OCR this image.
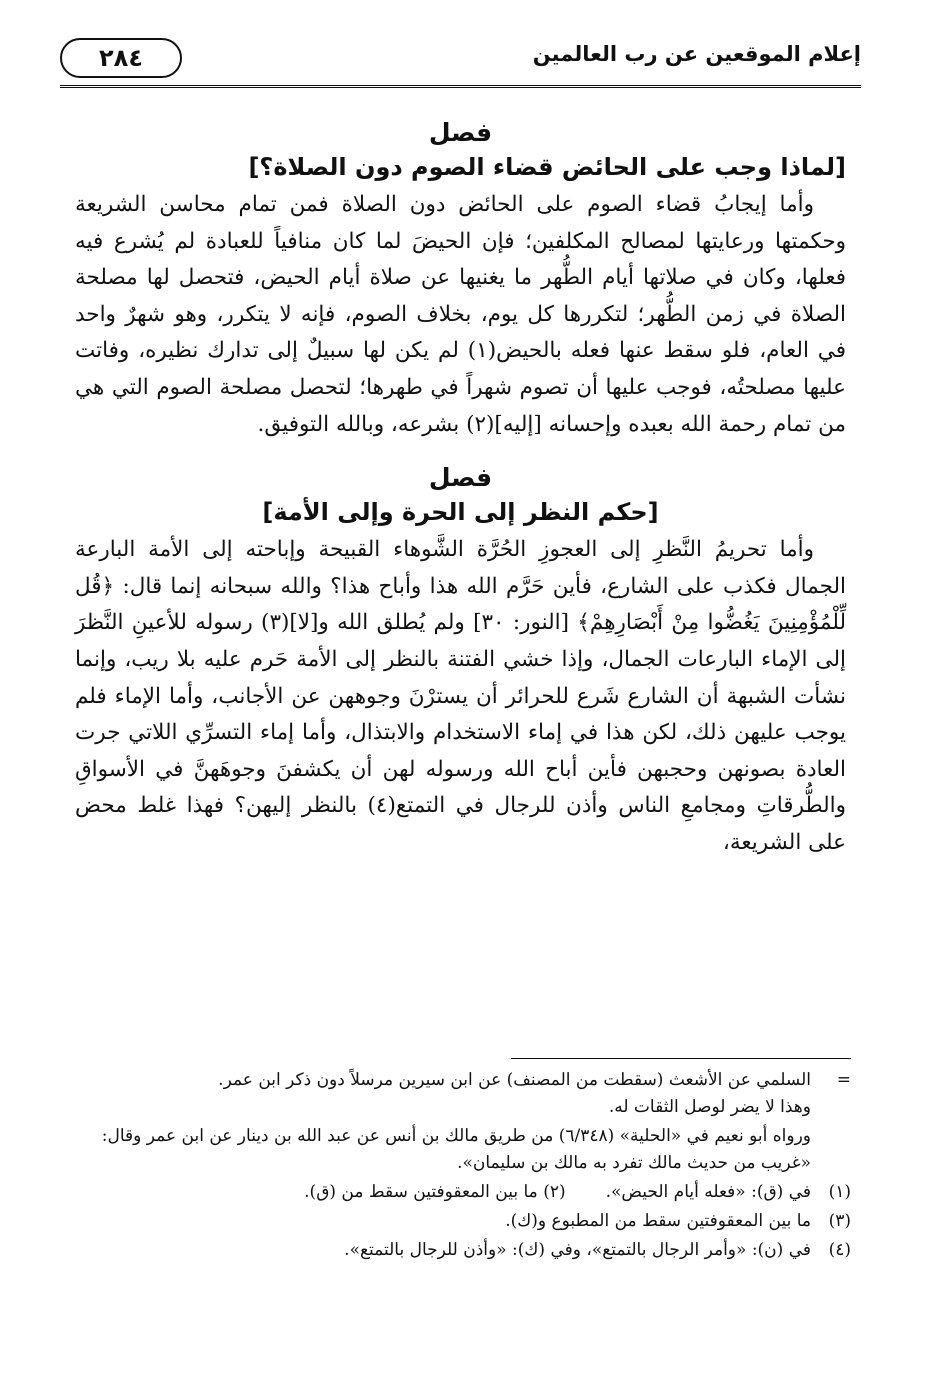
إعلام الموقعين عن رب العالمين
٢٨٤
فصل
[لماذا وجب على الحائض قضاء الصوم دون الصلاة؟]

وأما إيجابُ قضاء الصوم على الحائض دون الصلاة فمن تمام محاسن الشريعة وحكمتها ورعايتها لمصالح المكلفين؛ فإن الحيضَ لما كان منافياً للعبادة لم يُشرع فيه فعلها، وكان في صلاتها أيام الطُّهر ما يغنيها عن صلاة أيام الحيض، فتحصل لها مصلحة الصلاة في زمن الطُّهر؛ لتكررها كل يوم، بخلاف الصوم، فإنه لا يتكرر، وهو شهرٌ واحد في العام، فلو سقط عنها فعله بالحيض(١) لم يكن لها سبيلٌ إلى تدارك نظيره، وفاتت عليها مصلحتُه، فوجب عليها أن تصوم شهراً في طهرها؛ لتحصل مصلحة الصوم التي هي من تمام رحمة الله بعبده وإحسانه [إليه](٢) بشرعه، وبالله التوفيق.

فصل
[حكم النظر إلى الحرة وإلى الأمة]

وأما تحريمُ النَّظرِ إلى العجوزِ الحُرَّة الشَّوهاء القبيحة وإباحته إلى الأمة البارعة الجمال فكذب على الشارع، فأين حَرَّم الله هذا وأباح هذا؟ والله سبحانه إنما قال: ﴿قُل لِّلْمُؤْمِنِينَ يَغُضُّوا مِنْ أَبْصَارِهِمْ﴾ [النور: ٣٠] ولم يُطلق الله و[لا](٣) رسوله للأعينِ النَّظرَ إلى الإماء البارعات الجمال، وإذا خشي الفتنة بالنظر إلى الأمة حَرم عليه بلا ريب، وإنما نشأت الشبهة أن الشارع شَرع للحرائر أن يسترْنَ وجوههن عن الأجانب، وأما الإماء فلم يوجب عليهن ذلك، لكن هذا في إماء الاستخدام والابتذال، وأما إماء التسرِّي اللاتي جرت العادة بصونهن وحجبهن فأين أباح الله ورسوله لهن أن يكشفنَ وجوهَهنَّ في الأسواقِ والطُّرقاتِ ومجامعِ الناس وأذن للرجال في التمتع(٤) بالنظر إليهن؟ فهذا غلط محض على الشريعة،

=
السلمي عن الأشعث (سقطت من المصنف) عن ابن سيرين مرسلاً دون ذكر ابن عمر.
وهذا لا يضر لوصل الثقات له.
ورواه أبو نعيم في «الحلية» (٦/٣٤٨) من طريق مالك بن أنس عن عبد الله بن دينار عن ابن عمر وقال: «غريب من حديث مالك تفرد به مالك بن سليمان».
(١)
في (ق): «فعله أيام الحيض».
(٢) ما بين المعقوفتين سقط من (ق).
(٣)
ما بين المعقوفتين سقط من المطبوع و(ك).
(٤)
في (ن): «وأمر الرجال بالتمتع»، وفي (ك): «وأذن للرجال بالتمتع».
